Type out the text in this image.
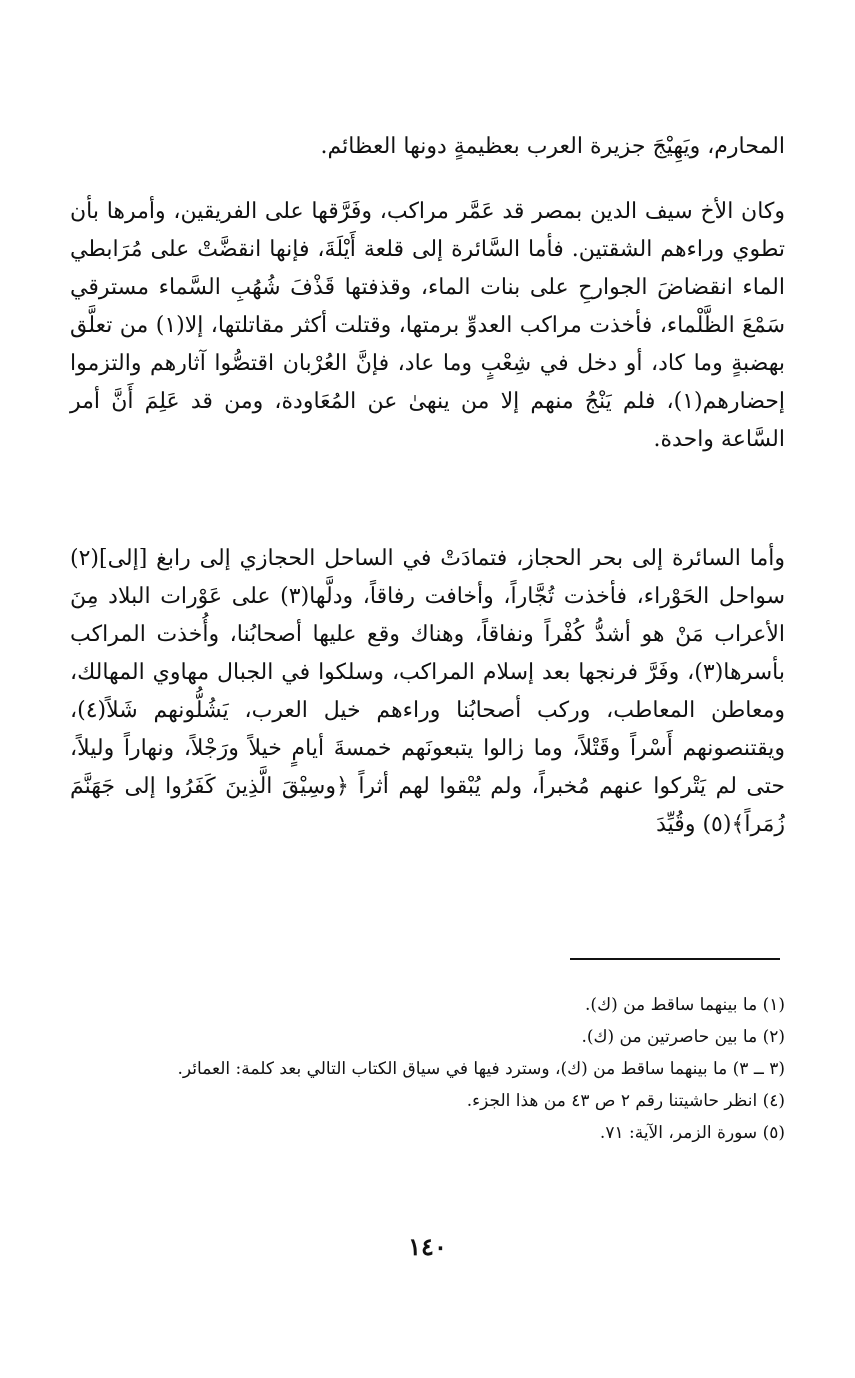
المحارم، ويَهِيْجَ جزيرة العرب بعظيمةٍ دونها العظائم.

وكان الأخ سيف الدين بمصر قد عَمَّر مراكب، وفَرَّقها على الفريقين، وأمرها بأن تطوي وراءهم الشقتين. فأما السَّائرة إلى قلعة أَيْلَةَ، فإنها انقضَّتْ على مُرَابطي الماء انقضاضَ الجوارحِ على بنات الماء، وقذفتها قَذْفَ شُهُبِ السَّماء مسترقي سَمْعَ الظَّلْماء، فأخذت مراكب العدوِّ برمتها، وقتلت أكثر مقاتلتها، إلا(١) من تعلَّق بهضبةٍ وما كاد، أو دخل في شِعْبٍ وما عاد، فإنَّ العُرْبان اقتصُّوا آثارهم والتزموا إحضارهم(١)، فلم يَنْجُ منهم إلا من ينهىٰ عن المُعَاودة، ومن قد عَلِمَ أَنَّ أمر السَّاعة واحدة.

وأما السائرة إلى بحر الحجاز، فتمادَتْ في الساحل الحجازي إلى رابغ [إلى](٢) سواحل الحَوْراء، فأخذت تُجَّاراً، وأخافت رفاقاً، ودلَّها(٣) على عَوْرات البلاد مِنَ الأعراب مَنْ هو أشدُّ كُفْراً ونفاقاً، وهناك وقع عليها أصحابُنا، وأُخذت المراكب بأسرها(٣)، وفَرَّ فرنجها بعد إسلام المراكب، وسلكوا في الجبال مهاوي المهالك، ومعاطن المعاطب، وركب أصحابُنا وراءهم خيل العرب، يَشُلُّونهم شَلاً(٤)، ويقتنصونهم أَسْراً وقَتْلاً، وما زالوا يتبعونَهم خمسةَ أيامٍ خيلاً ورَجْلاً، ونهاراً وليلاً، حتى لم يَتْركوا عنهم مُخبراً، ولم يُبْقوا لهم أثراً ﴿وسِيْقَ الَّذِينَ كَفَرُوا إلى جَهَنَّمَ زُمَراً﴾(٥) وقُيِّدَ

(١) ما بينهما ساقط من (ك).

(٢) ما بين حاصرتين من (ك).

(٣ ــ ٣) ما بينهما ساقط من (ك)، وسترد فيها في سياق الكتاب التالي بعد كلمة: العمائر.

(٤) انظر حاشيتنا رقم ٢ ص ٤٣ من هذا الجزء.

(٥) سورة الزمر، الآية: ٧١.

١٤٠
